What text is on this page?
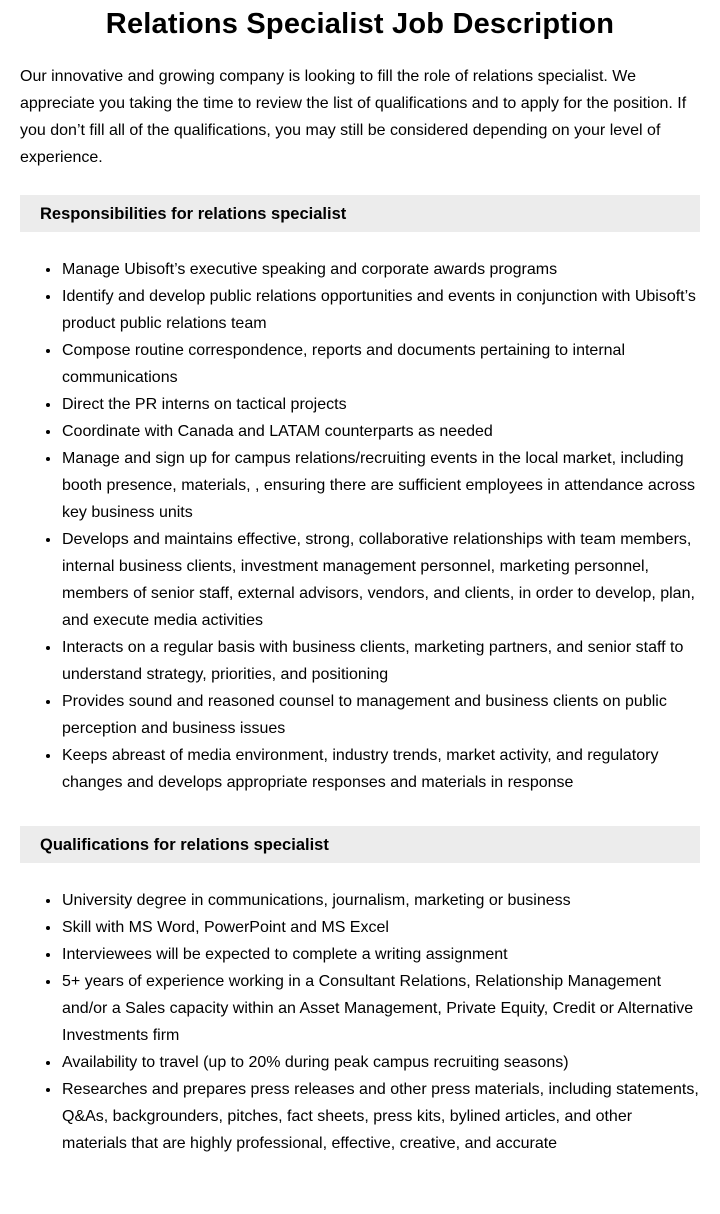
Relations Specialist Job Description

Our innovative and growing company is looking to fill the role of relations specialist. We appreciate you taking the time to review the list of qualifications and to apply for the position. If you don’t fill all of the qualifications, you may still be considered depending on your level of experience.

Responsibilities for relations specialist
• Manage Ubisoft’s executive speaking and corporate awards programs
• Identify and develop public relations opportunities and events in conjunction with Ubisoft’s product public relations team
• Compose routine correspondence, reports and documents pertaining to internal communications
• Direct the PR interns on tactical projects
• Coordinate with Canada and LATAM counterparts as needed
• Manage and sign up for campus relations/recruiting events in the local market, including booth presence, materials, , ensuring there are sufficient employees in attendance across key business units
• Develops and maintains effective, strong, collaborative relationships with team members, internal business clients, investment management personnel, marketing personnel, members of senior staff, external advisors, vendors, and clients, in order to develop, plan, and execute media activities
• Interacts on a regular basis with business clients, marketing partners, and senior staff to understand strategy, priorities, and positioning
• Provides sound and reasoned counsel to management and business clients on public perception and business issues
• Keeps abreast of media environment, industry trends, market activity, and regulatory changes and develops appropriate responses and materials in response
Qualifications for relations specialist
• University degree in communications, journalism, marketing or business
• Skill with MS Word, PowerPoint and MS Excel
• Interviewees will be expected to complete a writing assignment
• 5+ years of experience working in a Consultant Relations, Relationship Management and/or a Sales capacity within an Asset Management, Private Equity, Credit or Alternative Investments firm
• Availability to travel (up to 20% during peak campus recruiting seasons)
• Researches and prepares press releases and other press materials, including statements, Q&As, backgrounders, pitches, fact sheets, press kits, bylined articles, and other materials that are highly professional, effective, creative, and accurate
